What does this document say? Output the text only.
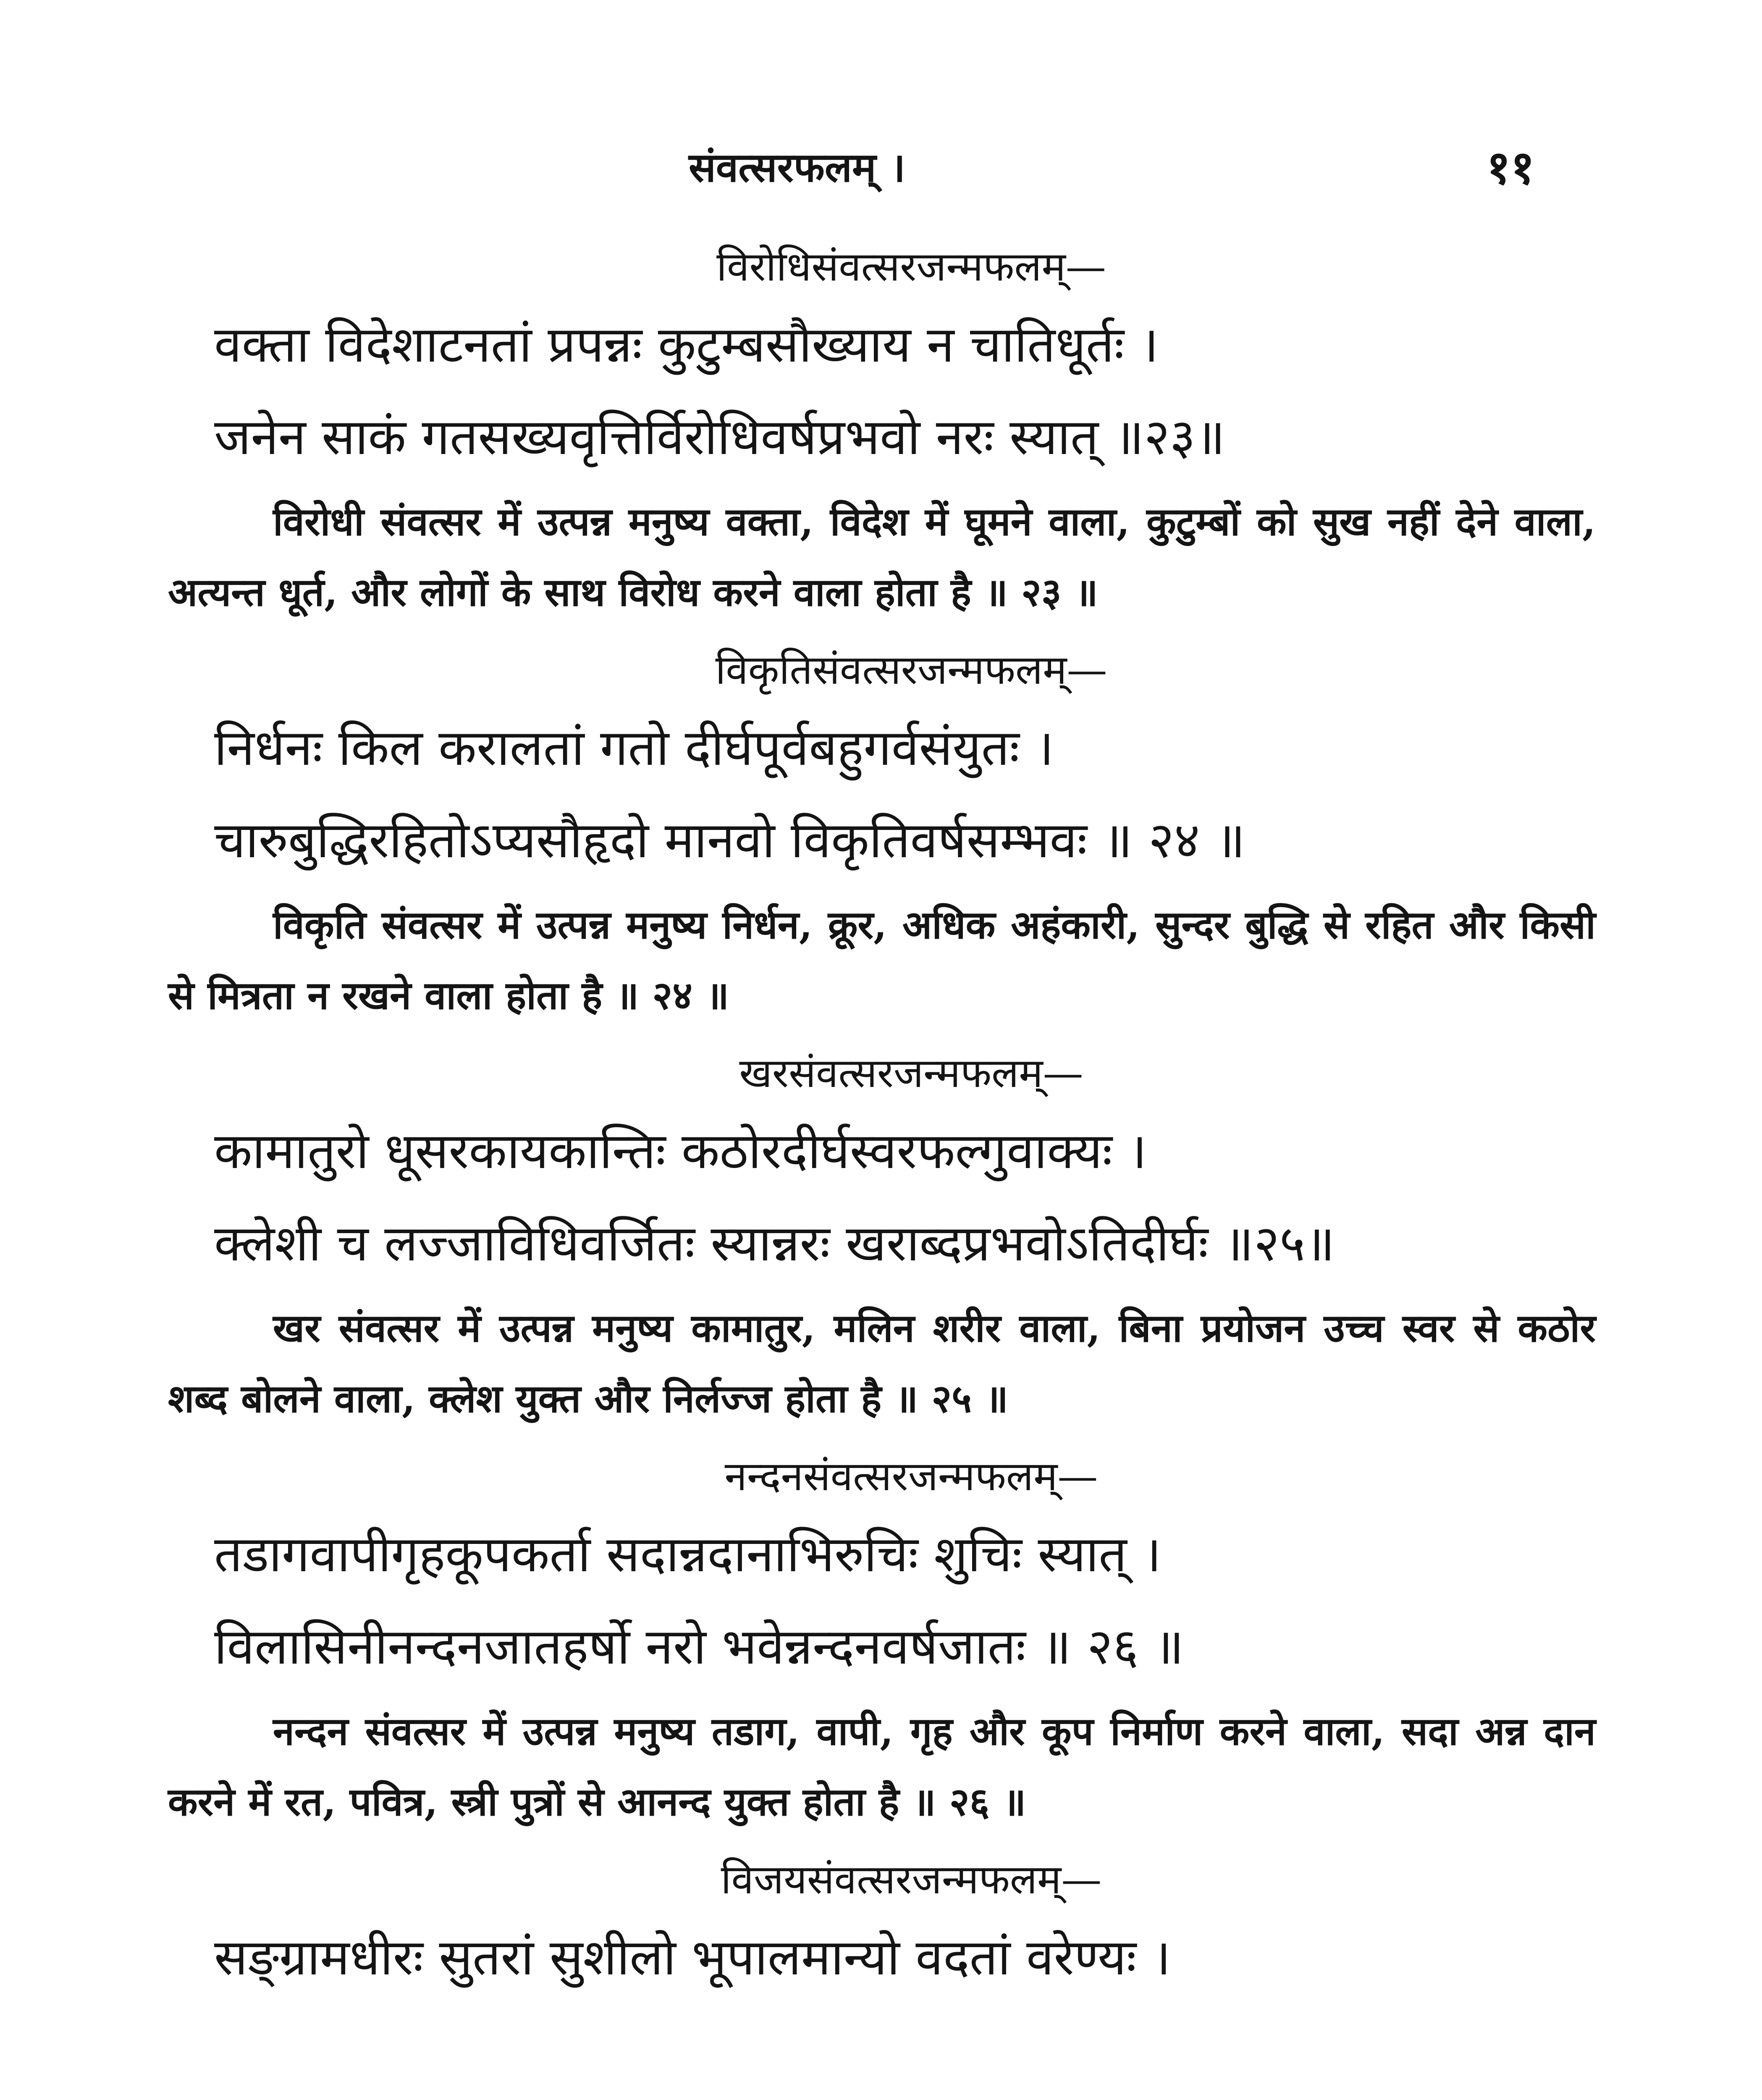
संवत्सरफलम् ।	११
विरोधिसंवत्सरजन्मफलम्—
वक्ता विदेशाटनतां प्रपन्नः कुटुम्बसौख्याय न चातिधूर्तः ।
जनेन साकं गतसख्यवृत्तिर्विरोधिवर्षप्रभवो नरः स्यात् ॥२३॥

विरोधी संवत्सर में उत्पन्न मनुष्य वक्ता, विदेश में घूमने वाला, कुटुम्बों को सुख नहीं देने वाला, अत्यन्त धूर्त, और लोगों के साथ विरोध करने वाला होता है ॥ २३ ॥

विकृतिसंवत्सरजन्मफलम्—
निर्धनः किल करालतां गतो दीर्घपूर्वबहुगर्वसंयुतः ।
चारुबुद्धिरहितोऽप्यसौहृदो मानवो विकृतिवर्षसम्भवः ॥ २४ ॥

विकृति संवत्सर में उत्पन्न मनुष्य निर्धन, क्रूर, अधिक अहंकारी, सुन्दर बुद्धि से रहित और किसी से मित्रता न रखने वाला होता है ॥ २४ ॥

खरसंवत्सरजन्मफलम्—
कामातुरो धूसरकायकान्तिः कठोरदीर्घस्वरफल्गुवाक्यः ।
क्लेशी च लज्जाविधिवर्जितः स्यान्नरः खराब्दप्रभवोऽतिदीर्घः ॥२५॥

खर संवत्सर में उत्पन्न मनुष्य कामातुर, मलिन शरीर वाला, बिना प्रयोजन उच्च स्वर से कठोर शब्द बोलने वाला, क्लेश युक्त और निर्लज्ज होता है ॥ २५ ॥

नन्दनसंवत्सरजन्मफलम्—
तडागवापीगृहकूपकर्ता सदान्नदानाभिरुचिः शुचिः स्यात् ।
विलासिनीनन्दनजातहर्षो नरो भवेन्नन्दनवर्षजातः ॥ २६ ॥

नन्दन संवत्सर में उत्पन्न मनुष्य तडाग, वापी, गृह और कूप निर्माण करने वाला, सदा अन्न दान करने में रत, पवित्र, स्त्री पुत्रों से आनन्द युक्त होता है ॥ २६ ॥

विजयसंवत्सरजन्मफलम्—
सङ्ग्रामधीरः सुतरां सुशीलो भूपालमान्यो वदतां वरेण्यः ।
